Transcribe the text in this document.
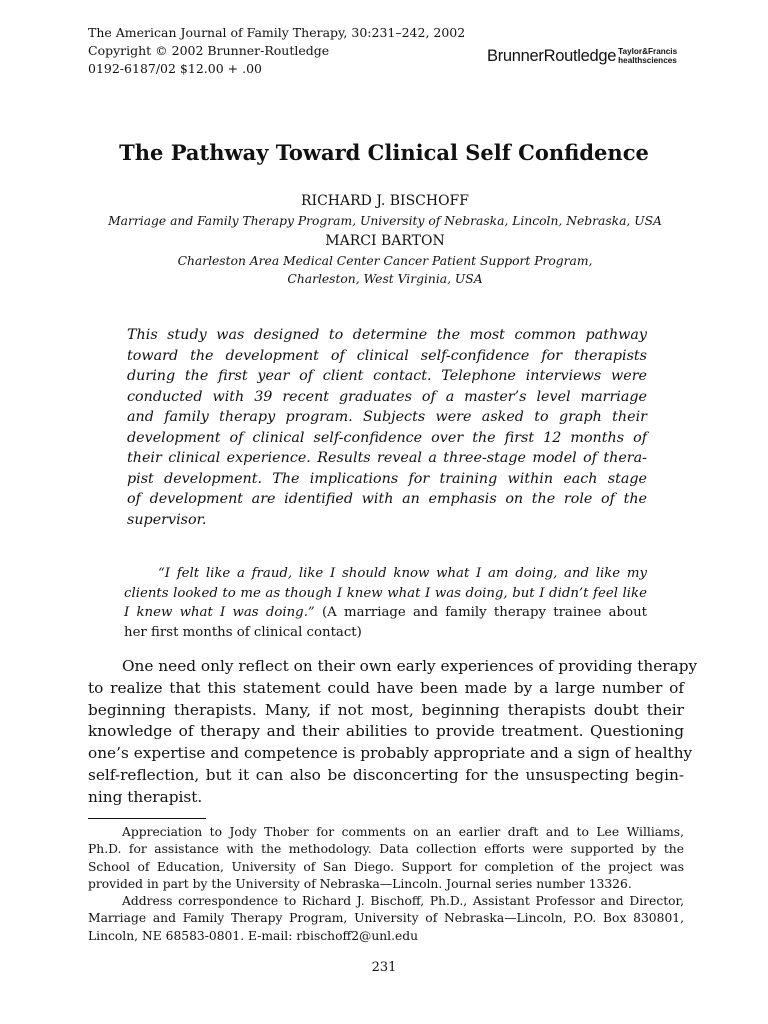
The American Journal of Family Therapy, 30:231–242, 2002
Copyright © 2002 Brunner-Routledge
0192-6187/02 $12.00 + .00
BrunnerRoutledge Taylor&Francis
healthsciences
The Pathway Toward Clinical Self Confidence
RICHARD J. BISCHOFF
Marriage and Family Therapy Program, University of Nebraska, Lincoln, Nebraska, USA
MARCI BARTON
Charleston Area Medical Center Cancer Patient Support Program,
Charleston, West Virginia, USA
This study was designed to determine the most common pathway
toward the development of clinical self-confidence for therapists
during the first year of client contact. Telephone interviews were
conducted with 39 recent graduates of a master’s level marriage
and family therapy program. Subjects were asked to graph their
development of clinical self-confidence over the first 12 months of
their clinical experience. Results reveal a three-stage model of thera-
pist development. The implications for training within each stage
of development are identified with an emphasis on the role of the
supervisor.
“I felt like a fraud, like I should know what I am doing, and like my
clients looked to me as though I knew what I was doing, but I didn’t feel like
I knew what I was doing.” (A marriage and family therapy trainee about
her first months of clinical contact)
One need only reflect on their own early experiences of providing therapy
to realize that this statement could have been made by a large number of
beginning therapists. Many, if not most, beginning therapists doubt their
knowledge of therapy and their abilities to provide treatment. Questioning
one’s expertise and competence is probably appropriate and a sign of healthy
self-reflection, but it can also be disconcerting for the unsuspecting begin-
ning therapist.
Appreciation to Jody Thober for comments on an earlier draft and to Lee Williams,
Ph.D. for assistance with the methodology. Data collection efforts were supported by the
School of Education, University of San Diego. Support for completion of the project was
provided in part by the University of Nebraska—Lincoln. Journal series number 13326.
Address correspondence to Richard J. Bischoff, Ph.D., Assistant Professor and Director,
Marriage and Family Therapy Program, University of Nebraska—Lincoln, P.O. Box 830801,
Lincoln, NE 68583-0801. E-mail: rbischoff2@unl.edu
231
